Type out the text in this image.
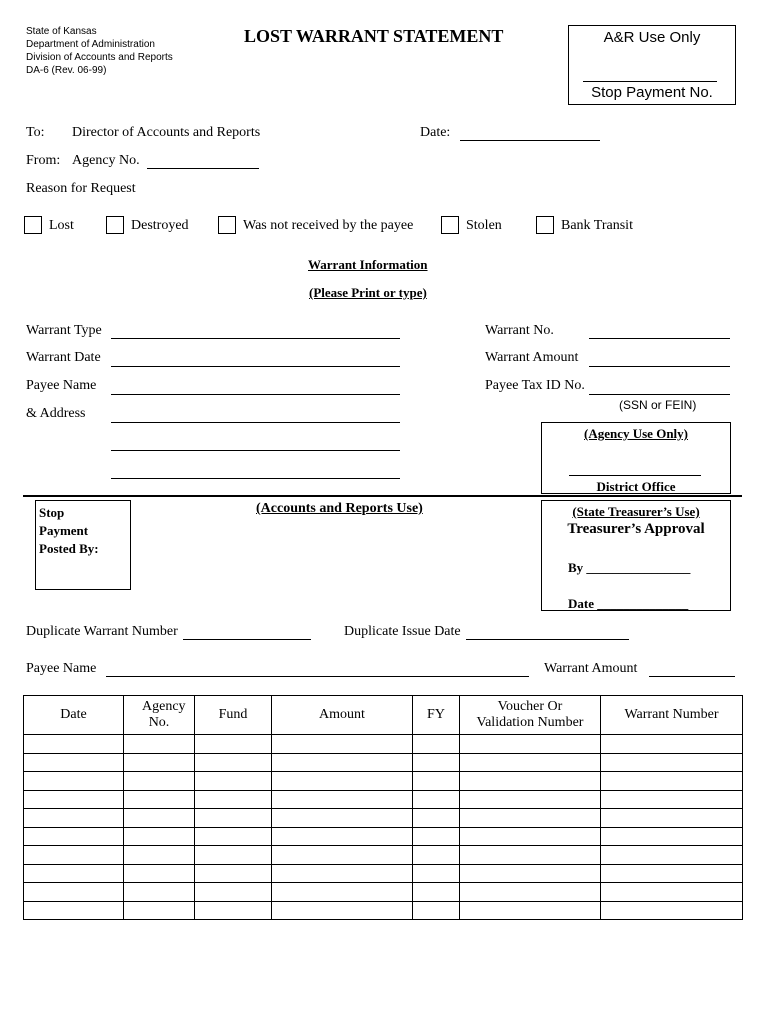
State of Kansas
Department of Administration
Division of Accounts and Reports
DA-6 (Rev. 06-99)
LOST WARRANT STATEMENT	A&R Use Only
Stop Payment No.
To: Director of Accounts and Reports	Date:
From: Agency No.
Reason for Request
Lost	Destroyed	Was not received by the payee	Stolen	Bank Transit
Warrant Information
(Please Print or type)
Warrant Type
Warrant Date
Payee Name
& Address
Warrant No.
Warrant Amount
Payee Tax ID No.
(SSN or FEIN)
(Agency Use Only)
District Office
Stop
Payment
Posted By:
(Accounts and Reports Use)	(State Treasurer’s Use)
Treasurer’s Approval
By ________________
Date ______________
Duplicate Warrant Number	Duplicate Issue Date
Payee Name	Warrant Amount
Date	Agency No.	Fund	Amount	FY	Voucher Or Validation Number	Warrant Number
